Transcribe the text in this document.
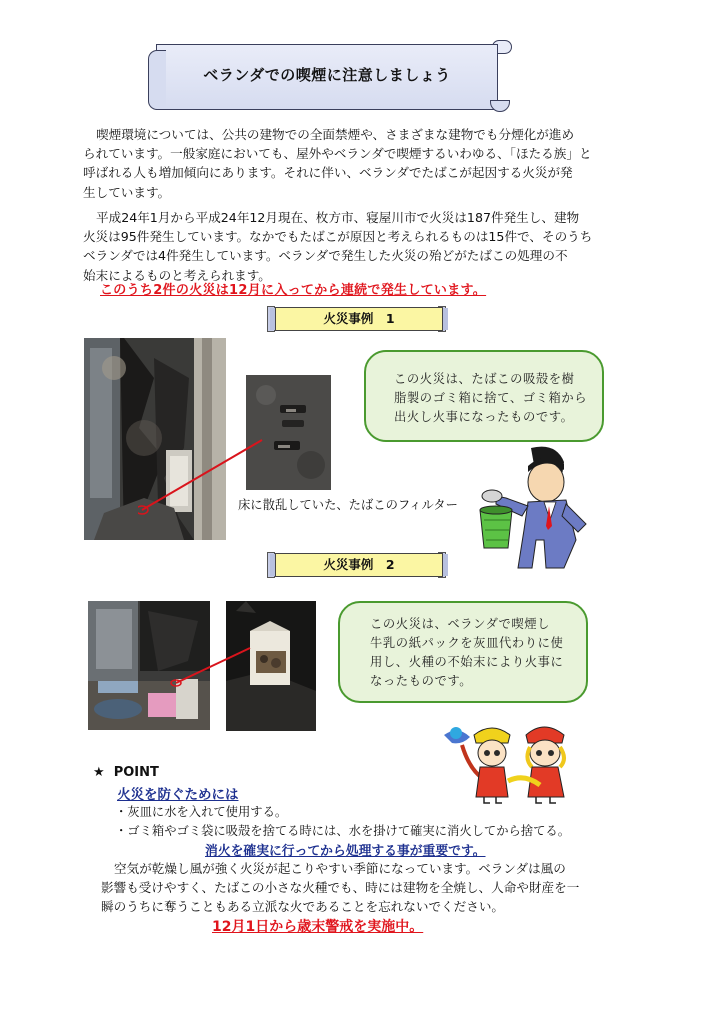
ベランダでの喫煙に注意しましょう
喫煙環境については、公共の建物での全面禁煙や、さまざまな建物でも分煙化が進め
られています。一般家庭においても、屋外やベランダで喫煙するいわゆる、「ほたる族」と
呼ばれる人も増加傾向にあります。それに伴い、ベランダでたばこが起因する火災が発
生しています。
平成24年1月から平成24年12月現在、枚方市、寝屋川市で火災は187件発生し、建物
火災は95件発生しています。なかでもたばこが原因と考えられるものは15件で、そのうち
ベランダでは4件発生しています。ベランダで発生した火災の殆どがたばこの処理の不
始末によるものと考えられます。
このうち2件の火災は12月に入ってから連続で発生しています。
火災事例　1
床に散乱していた、たばこのフィルター
この火災は、たばこの吸殻を樹
脂製のゴミ箱に捨て、ゴミ箱から
出火し火事になったものです。
火災事例　2
この火災は、ベランダで喫煙し
牛乳の紙パックを灰皿代わりに使
用し、火種の不始末により火事に
なったものです。
★ POINT
火災を防ぐためには
・灰皿に水を入れて使用する。
・ゴミ箱やゴミ袋に吸殻を捨てる時には、水を掛けて確実に消火してから捨てる。
消火を確実に行ってから処理する事が重要です。
空気が乾燥し風が強く火災が起こりやすい季節になっています。ベランダは風の
影響も受けやすく、たばこの小さな火種でも、時には建物を全焼し、人命や財産を一
瞬のうちに奪うこともある立派な火であることを忘れないでください。
12月1日から歳末警戒を実施中。
